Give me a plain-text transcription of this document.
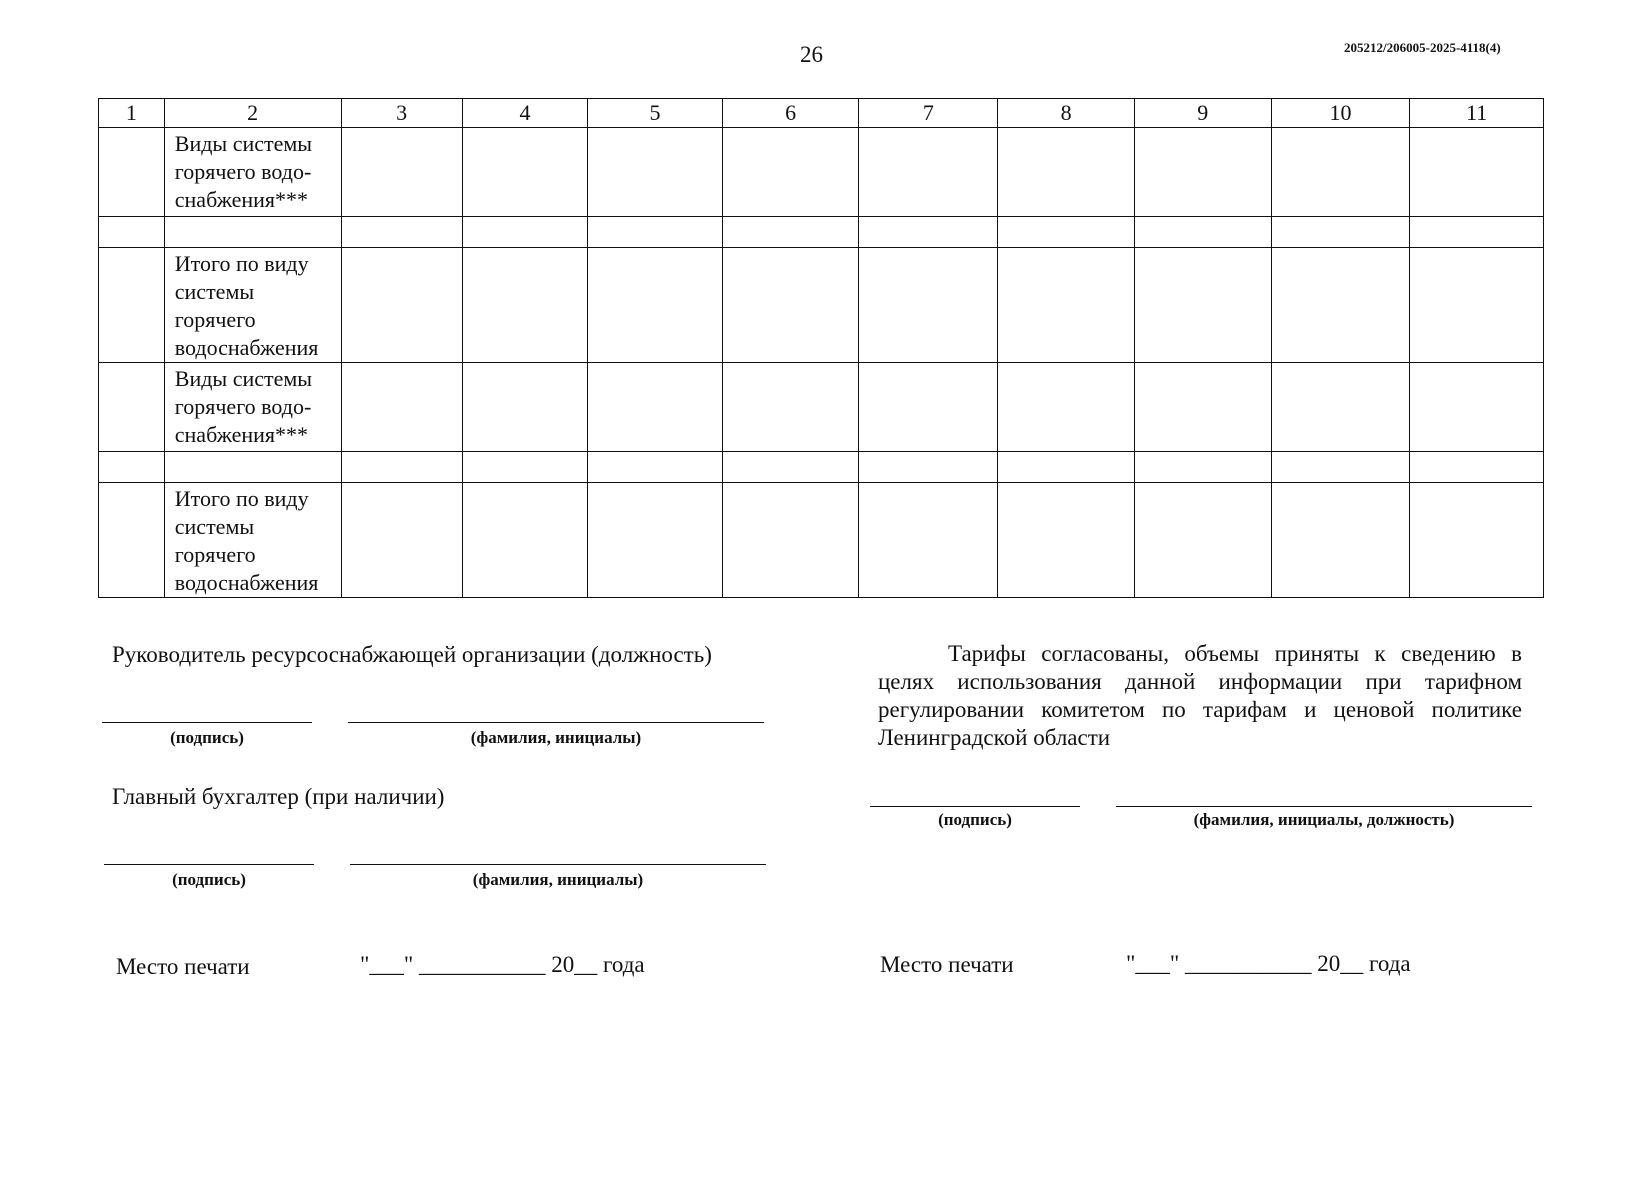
26	205212/206005-2025-4118(4)
1	2	3	4	5	6	7	8	9	10	11
	Виды системы горячего водо-снабжения***									

	Итого по виду системы горячего водоснабжения									
	Виды системы горячего водо-снабжения***									

	Итого по виду системы горячего водоснабжения									
Руководитель ресурсоснабжающей организации (должность)
(подпись)	(фамилия, инициалы)
Главный бухгалтер (при наличии)
(подпись)	(фамилия, инициалы)
Место печати	"___" ___________ 20__ года
Тарифы согласованы, объемы приняты к сведению в целях использования данной информации при тарифном регулировании комитетом по тарифам и ценовой политике Ленинградской области
(подпись)	(фамилия, инициалы, должность)
Место печати	"___" ___________ 20__ года
